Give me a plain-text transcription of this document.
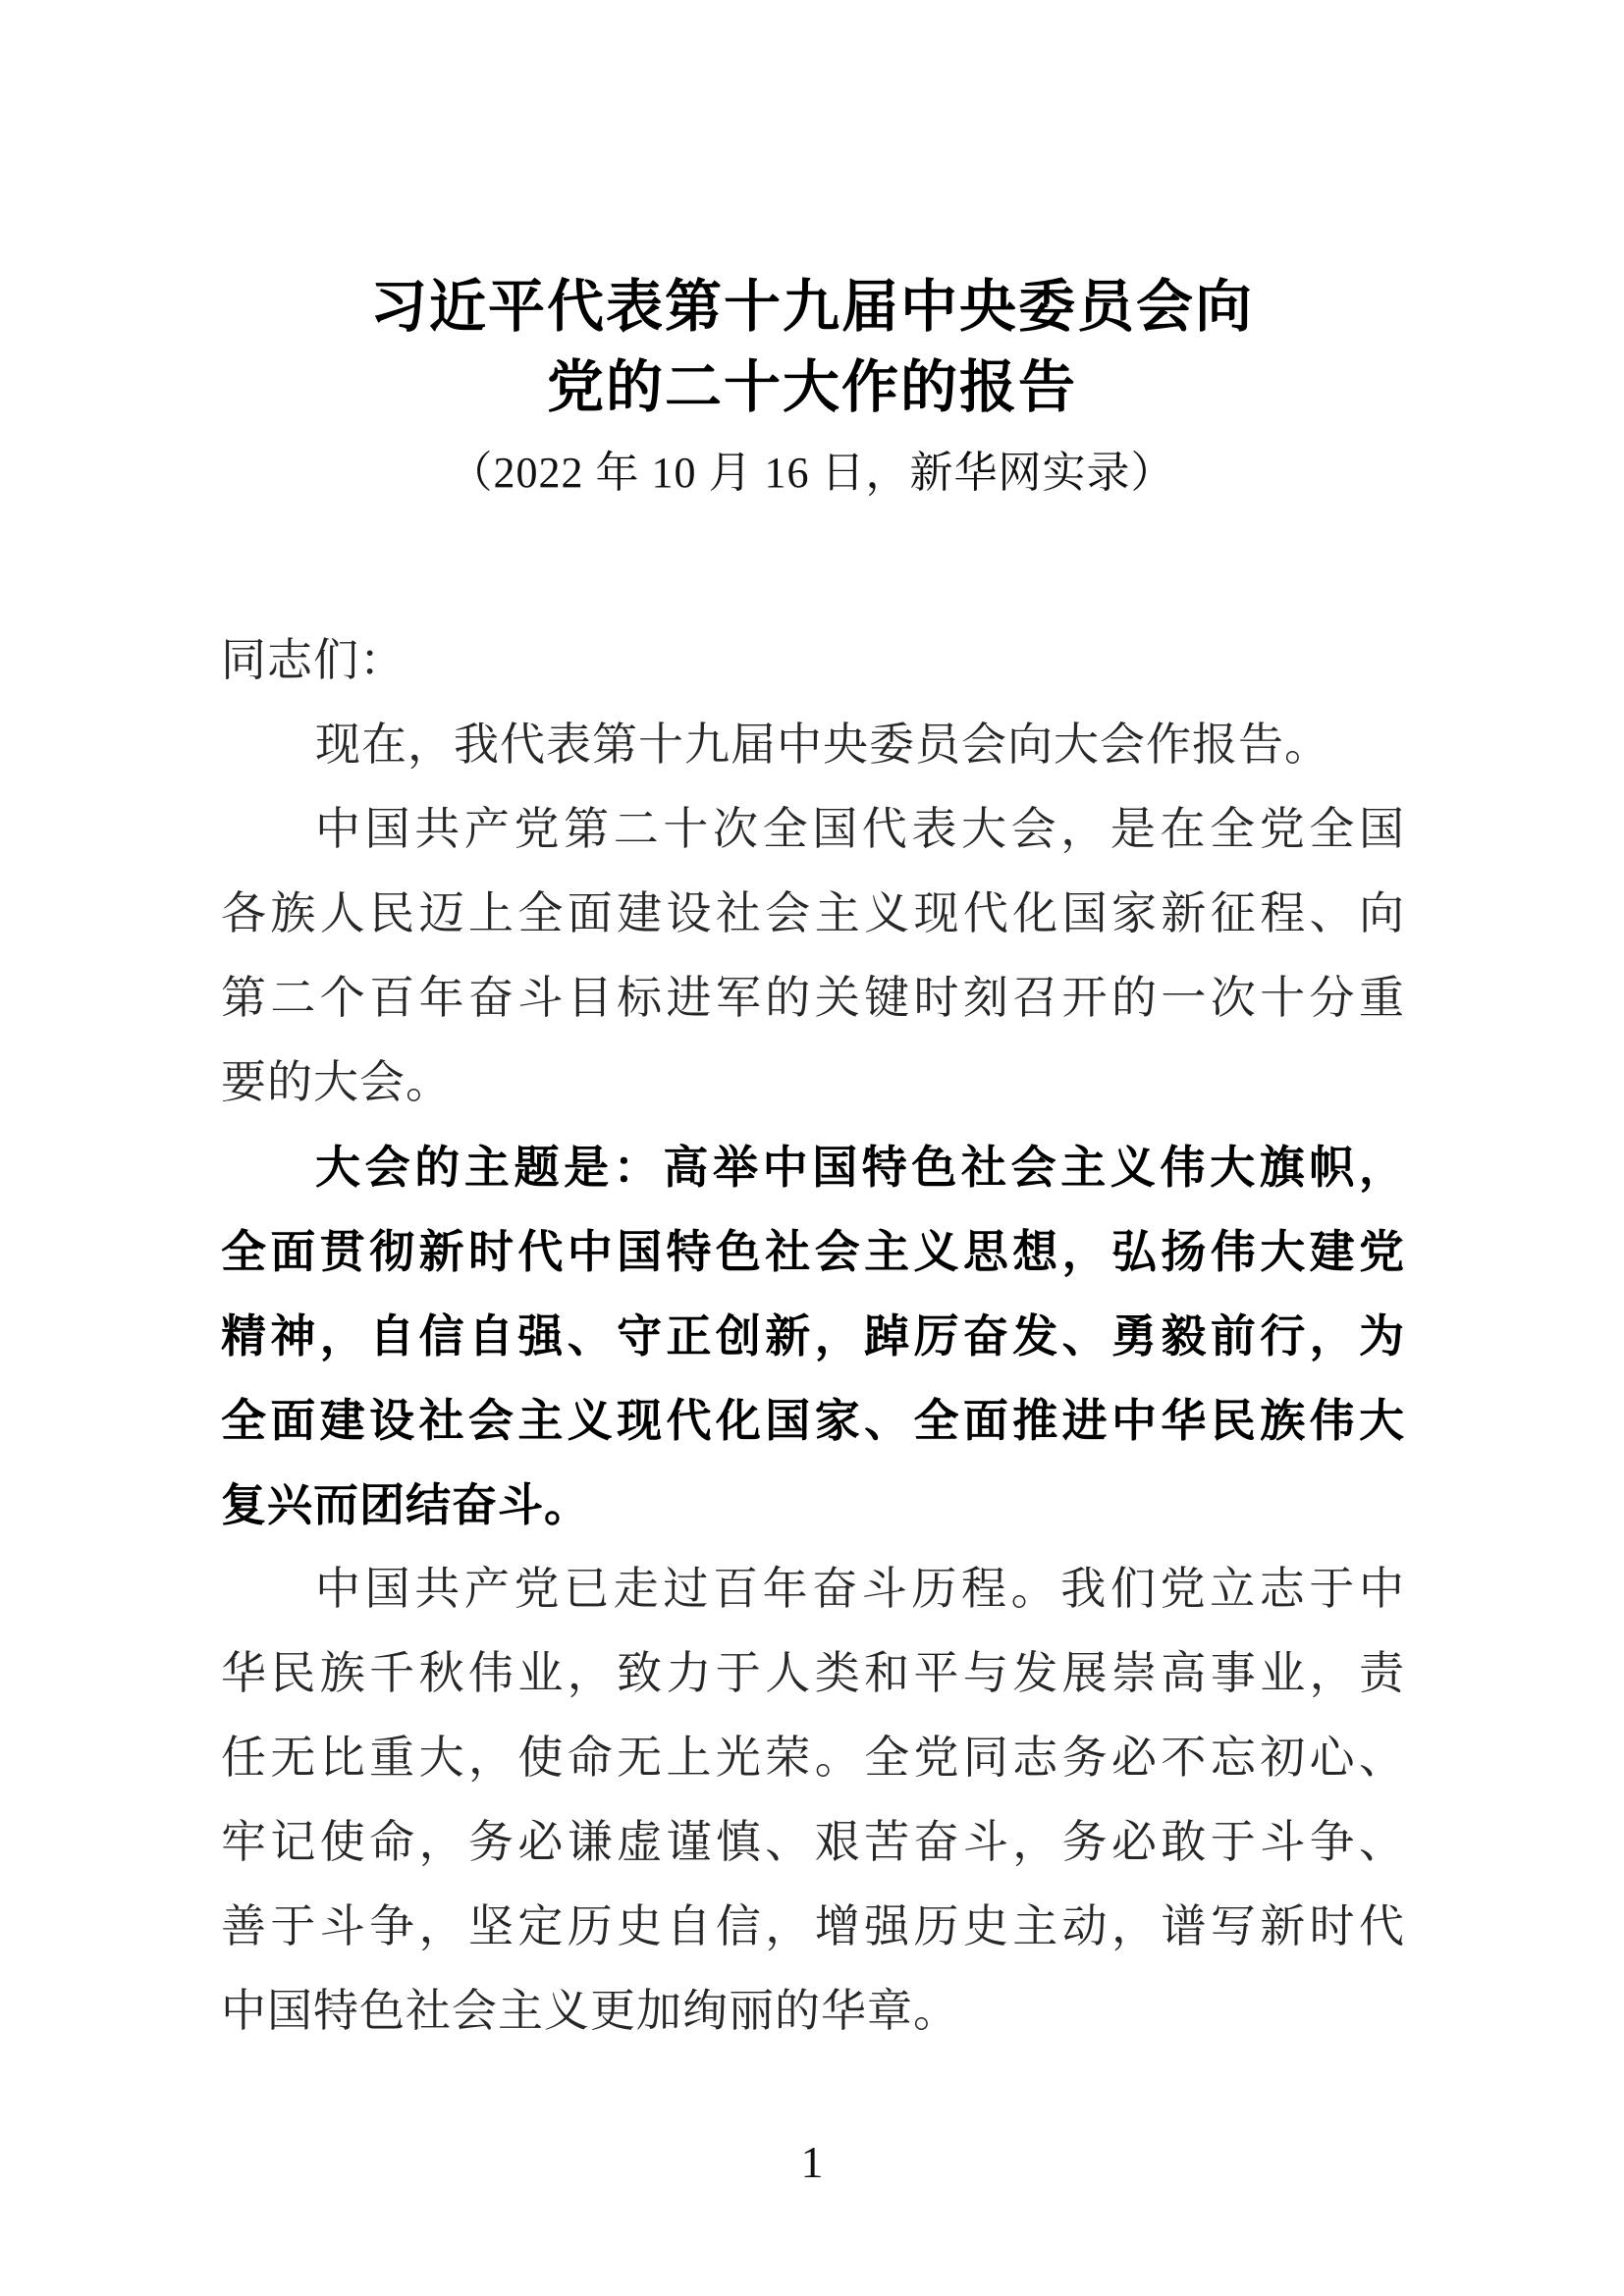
习近平代表第十九届中央委员会向
党的二十大作的报告
（2022 年 10 月 16 日，新华网实录）
同志们：
现在，我代表第十九届中央委员会向大会作报告。
中国共产党第二十次全国代表大会，是在全党全国
各族人民迈上全面建设社会主义现代化国家新征程、向
第二个百年奋斗目标进军的关键时刻召开的一次十分重
要的大会。
大会的主题是：高举中国特色社会主义伟大旗帜，
全面贯彻新时代中国特色社会主义思想，弘扬伟大建党
精神，自信自强、守正创新，踔厉奋发、勇毅前行，为
全面建设社会主义现代化国家、全面推进中华民族伟大
复兴而团结奋斗。
中国共产党已走过百年奋斗历程。我们党立志于中
华民族千秋伟业，致力于人类和平与发展崇高事业，责
任无比重大，使命无上光荣。全党同志务必不忘初心、
牢记使命，务必谦虚谨慎、艰苦奋斗，务必敢于斗争、
善于斗争，坚定历史自信，增强历史主动，谱写新时代
中国特色社会主义更加绚丽的华章。
1
